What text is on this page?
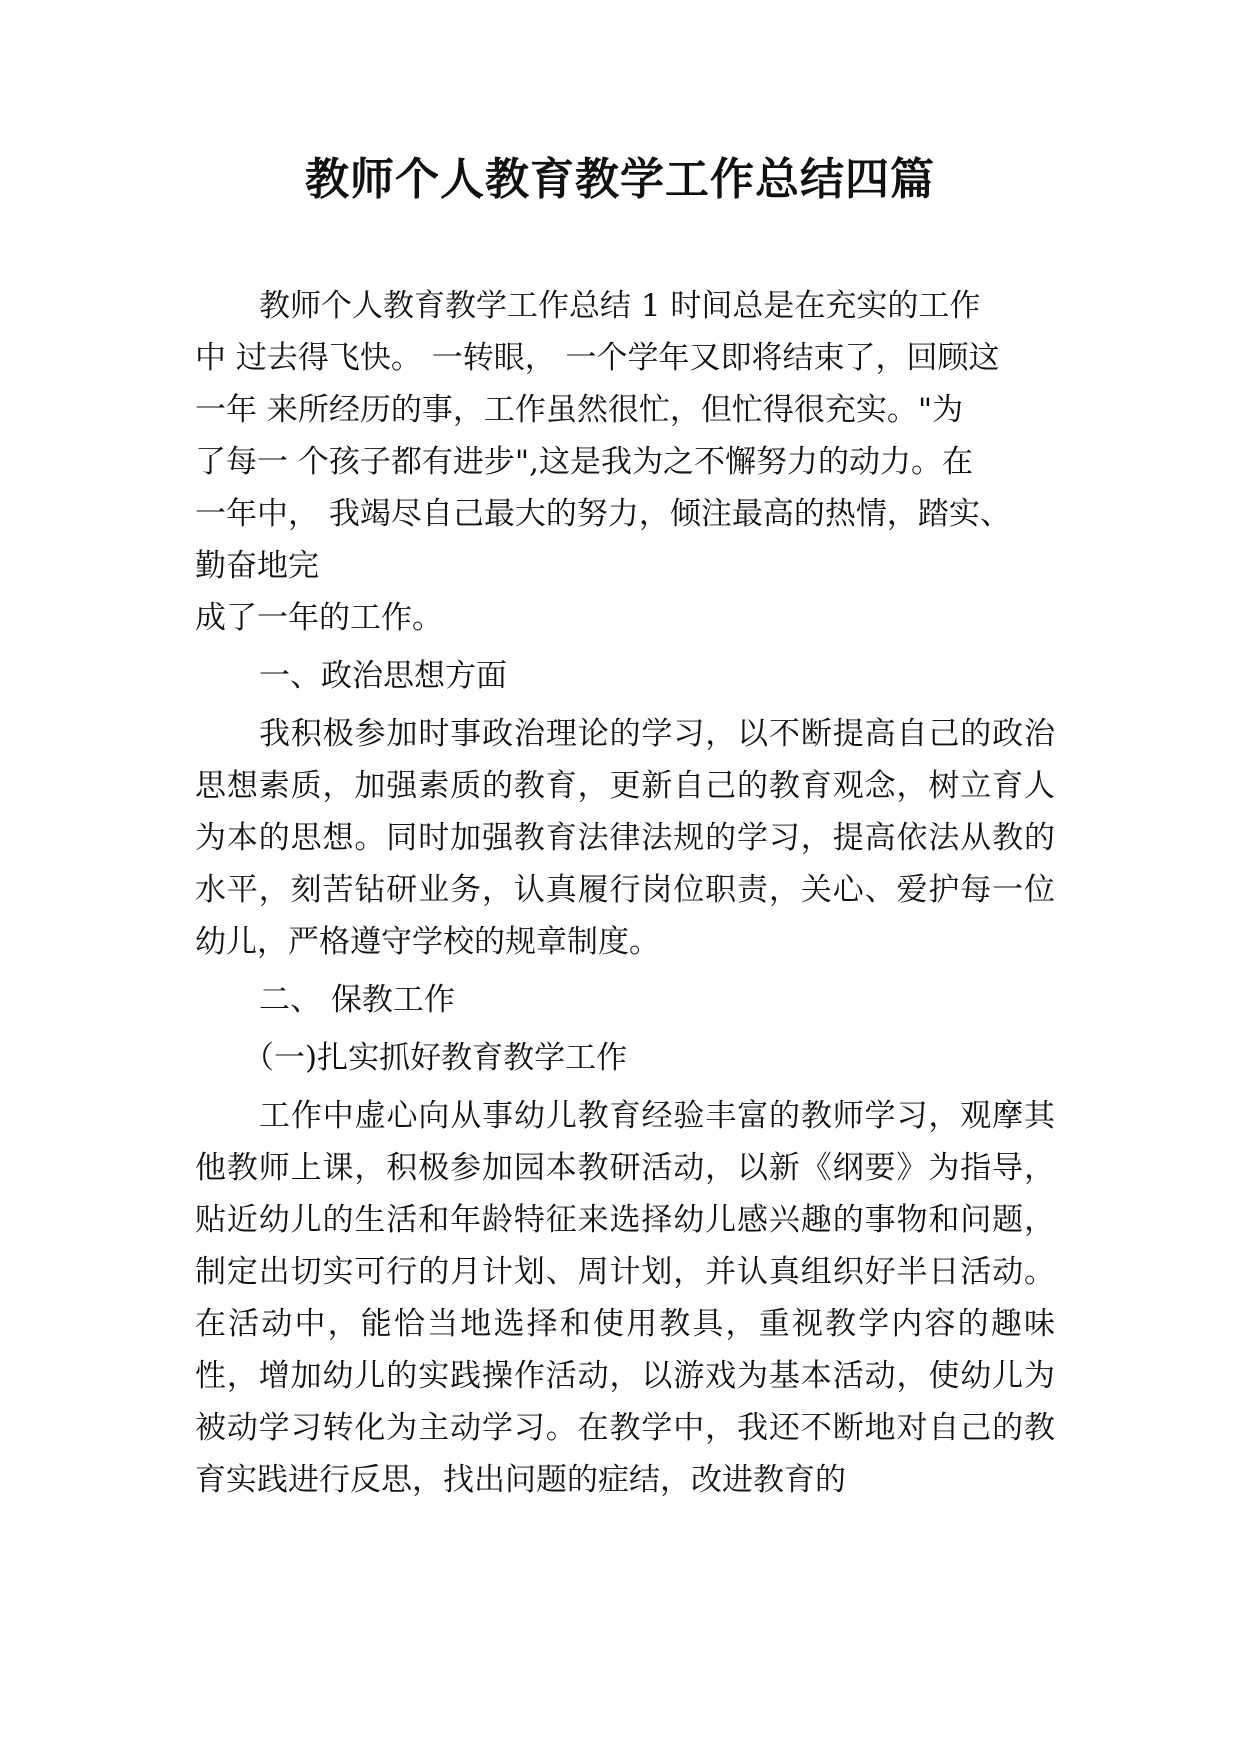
教师个人教育教学工作总结四篇

教师个人教育教学工作总结 1 时间总是在充实的工作

中 过去得飞快。 一转眼， 一个学年又即将结束了，回顾这
一年 来所经历的事，工作虽然很忙，但忙得很充实。"为
了每一 个孩子都有进步",这是我为之不懈努力的动力。在
一年中， 我竭尽自己最大的努力，倾注最高的热情，踏实、
勤奋地完
成了一年的工作。

一、政治思想方面

我积极参加时事政治理论的学习，以不断提高自己的政治思想素质，加强素质的教育，更新自己的教育观念，树立育人为本的思想。同时加强教育法律法规的学习，提高依法从教的水平，刻苦钻研业务，认真履行岗位职责，关心、爱护每一位幼儿，严格遵守学校的规章制度。

二、 保教工作

（一)扎实抓好教育教学工作

工作中虚心向从事幼儿教育经验丰富的教师学习，观摩其他教师上课，积极参加园本教研活动，以新《纲要》为指导，贴近幼儿的生活和年龄特征来选择幼儿感兴趣的事物和问题，制定出切实可行的月计划、周计划，并认真组织好半日活动。在活动中，能恰当地选择和使用教具，重视教学内容的趣味性，增加幼儿的实践操作活动，以游戏为基本活动，使幼儿为被动学习转化为主动学习。在教学中，我还不断地对自己的教育实践进行反思，找出问题的症结，改进教育的
